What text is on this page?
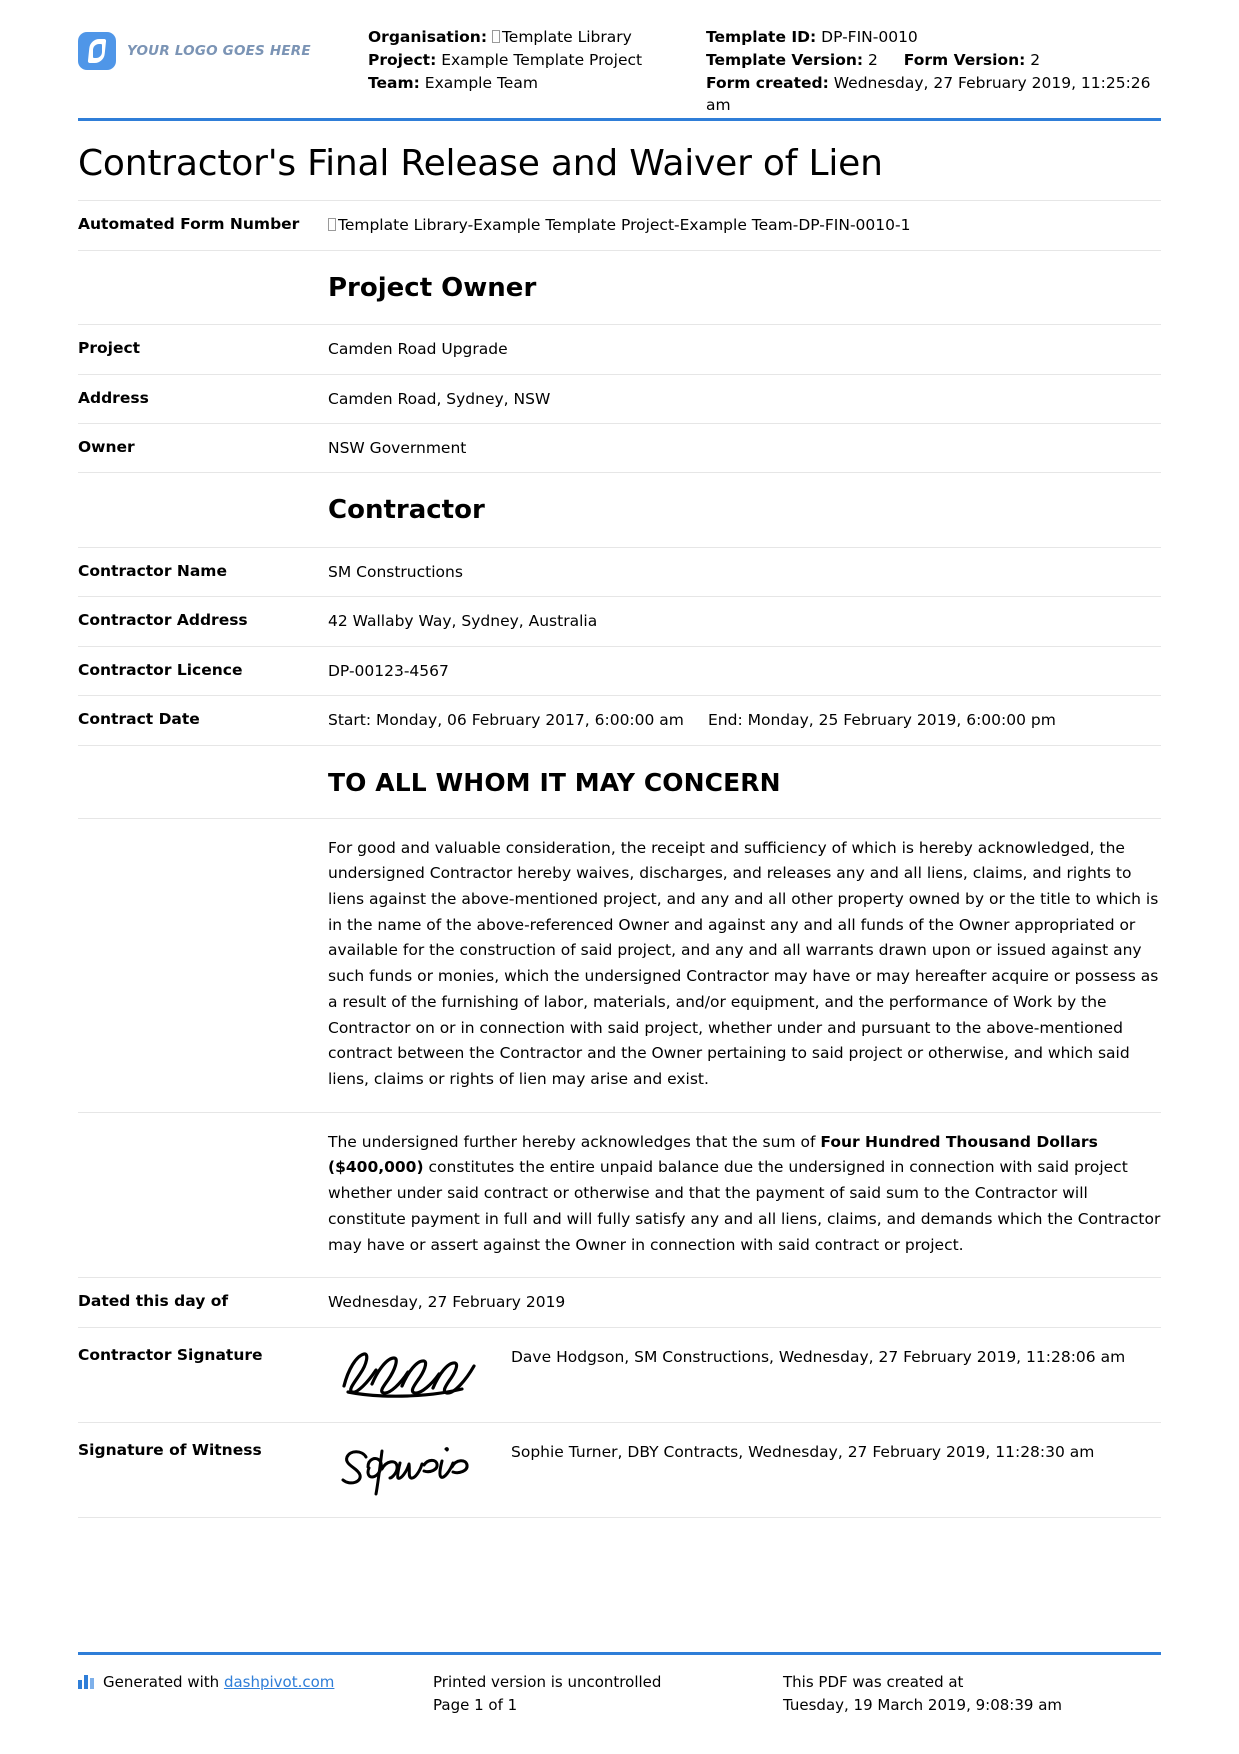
YOUR LOGO GOES HERE
Organisation: Template Library
Project: Example Template Project
Team: Example Team
Template ID: DP-FIN-0010
Template Version: 2 Form Version: 2
Form created: Wednesday, 27 February 2019, 11:25:26 am
Contractor's Final Release and Waiver of Lien
Automated Form Number	Template Library-Example Template Project-Example Team-DP-FIN-0010-1
Project Owner
Project	Camden Road Upgrade
Address	Camden Road, Sydney, NSW
Owner	NSW Government
Contractor
Contractor Name	SM Constructions
Contractor Address	42 Wallaby Way, Sydney, Australia
Contractor Licence	DP-00123-4567
Contract Date	Start: Monday, 06 February 2017, 6:00:00 am	End: Monday, 25 February 2019, 6:00:00 pm
TO ALL WHOM IT MAY CONCERN
For good and valuable consideration, the receipt and sufficiency of which is hereby acknowledged, the undersigned Contractor hereby waives, discharges, and releases any and all liens, claims, and rights to liens against the above-mentioned project, and any and all other property owned by or the title to which is in the name of the above-referenced Owner and against any and all funds of the Owner appropriated or available for the construction of said project, and any and all warrants drawn upon or issued against any such funds or monies, which the undersigned Contractor may have or may hereafter acquire or possess as a result of the furnishing of labor, materials, and/or equipment, and the performance of Work by the Contractor on or in connection with said project, whether under and pursuant to the above-mentioned contract between the Contractor and the Owner pertaining to said project or otherwise, and which said liens, claims or rights of lien may arise and exist.
The undersigned further hereby acknowledges that the sum of Four Hundred Thousand Dollars ($400,000) constitutes the entire unpaid balance due the undersigned in connection with said project whether under said contract or otherwise and that the payment of said sum to the Contractor will constitute payment in full and will fully satisfy any and all liens, claims, and demands which the Contractor may have or assert against the Owner in connection with said contract or project.
Dated this day of	Wednesday, 27 February 2019
Contractor Signature	Dave Hodgson, SM Constructions, Wednesday, 27 February 2019, 11:28:06 am
Signature of Witness	Sophie Turner, DBY Contracts, Wednesday, 27 February 2019, 11:28:30 am
Generated with dashpivot.com	Printed version is uncontrolled
Page 1 of 1
This PDF was created at
Tuesday, 19 March 2019, 9:08:39 am
